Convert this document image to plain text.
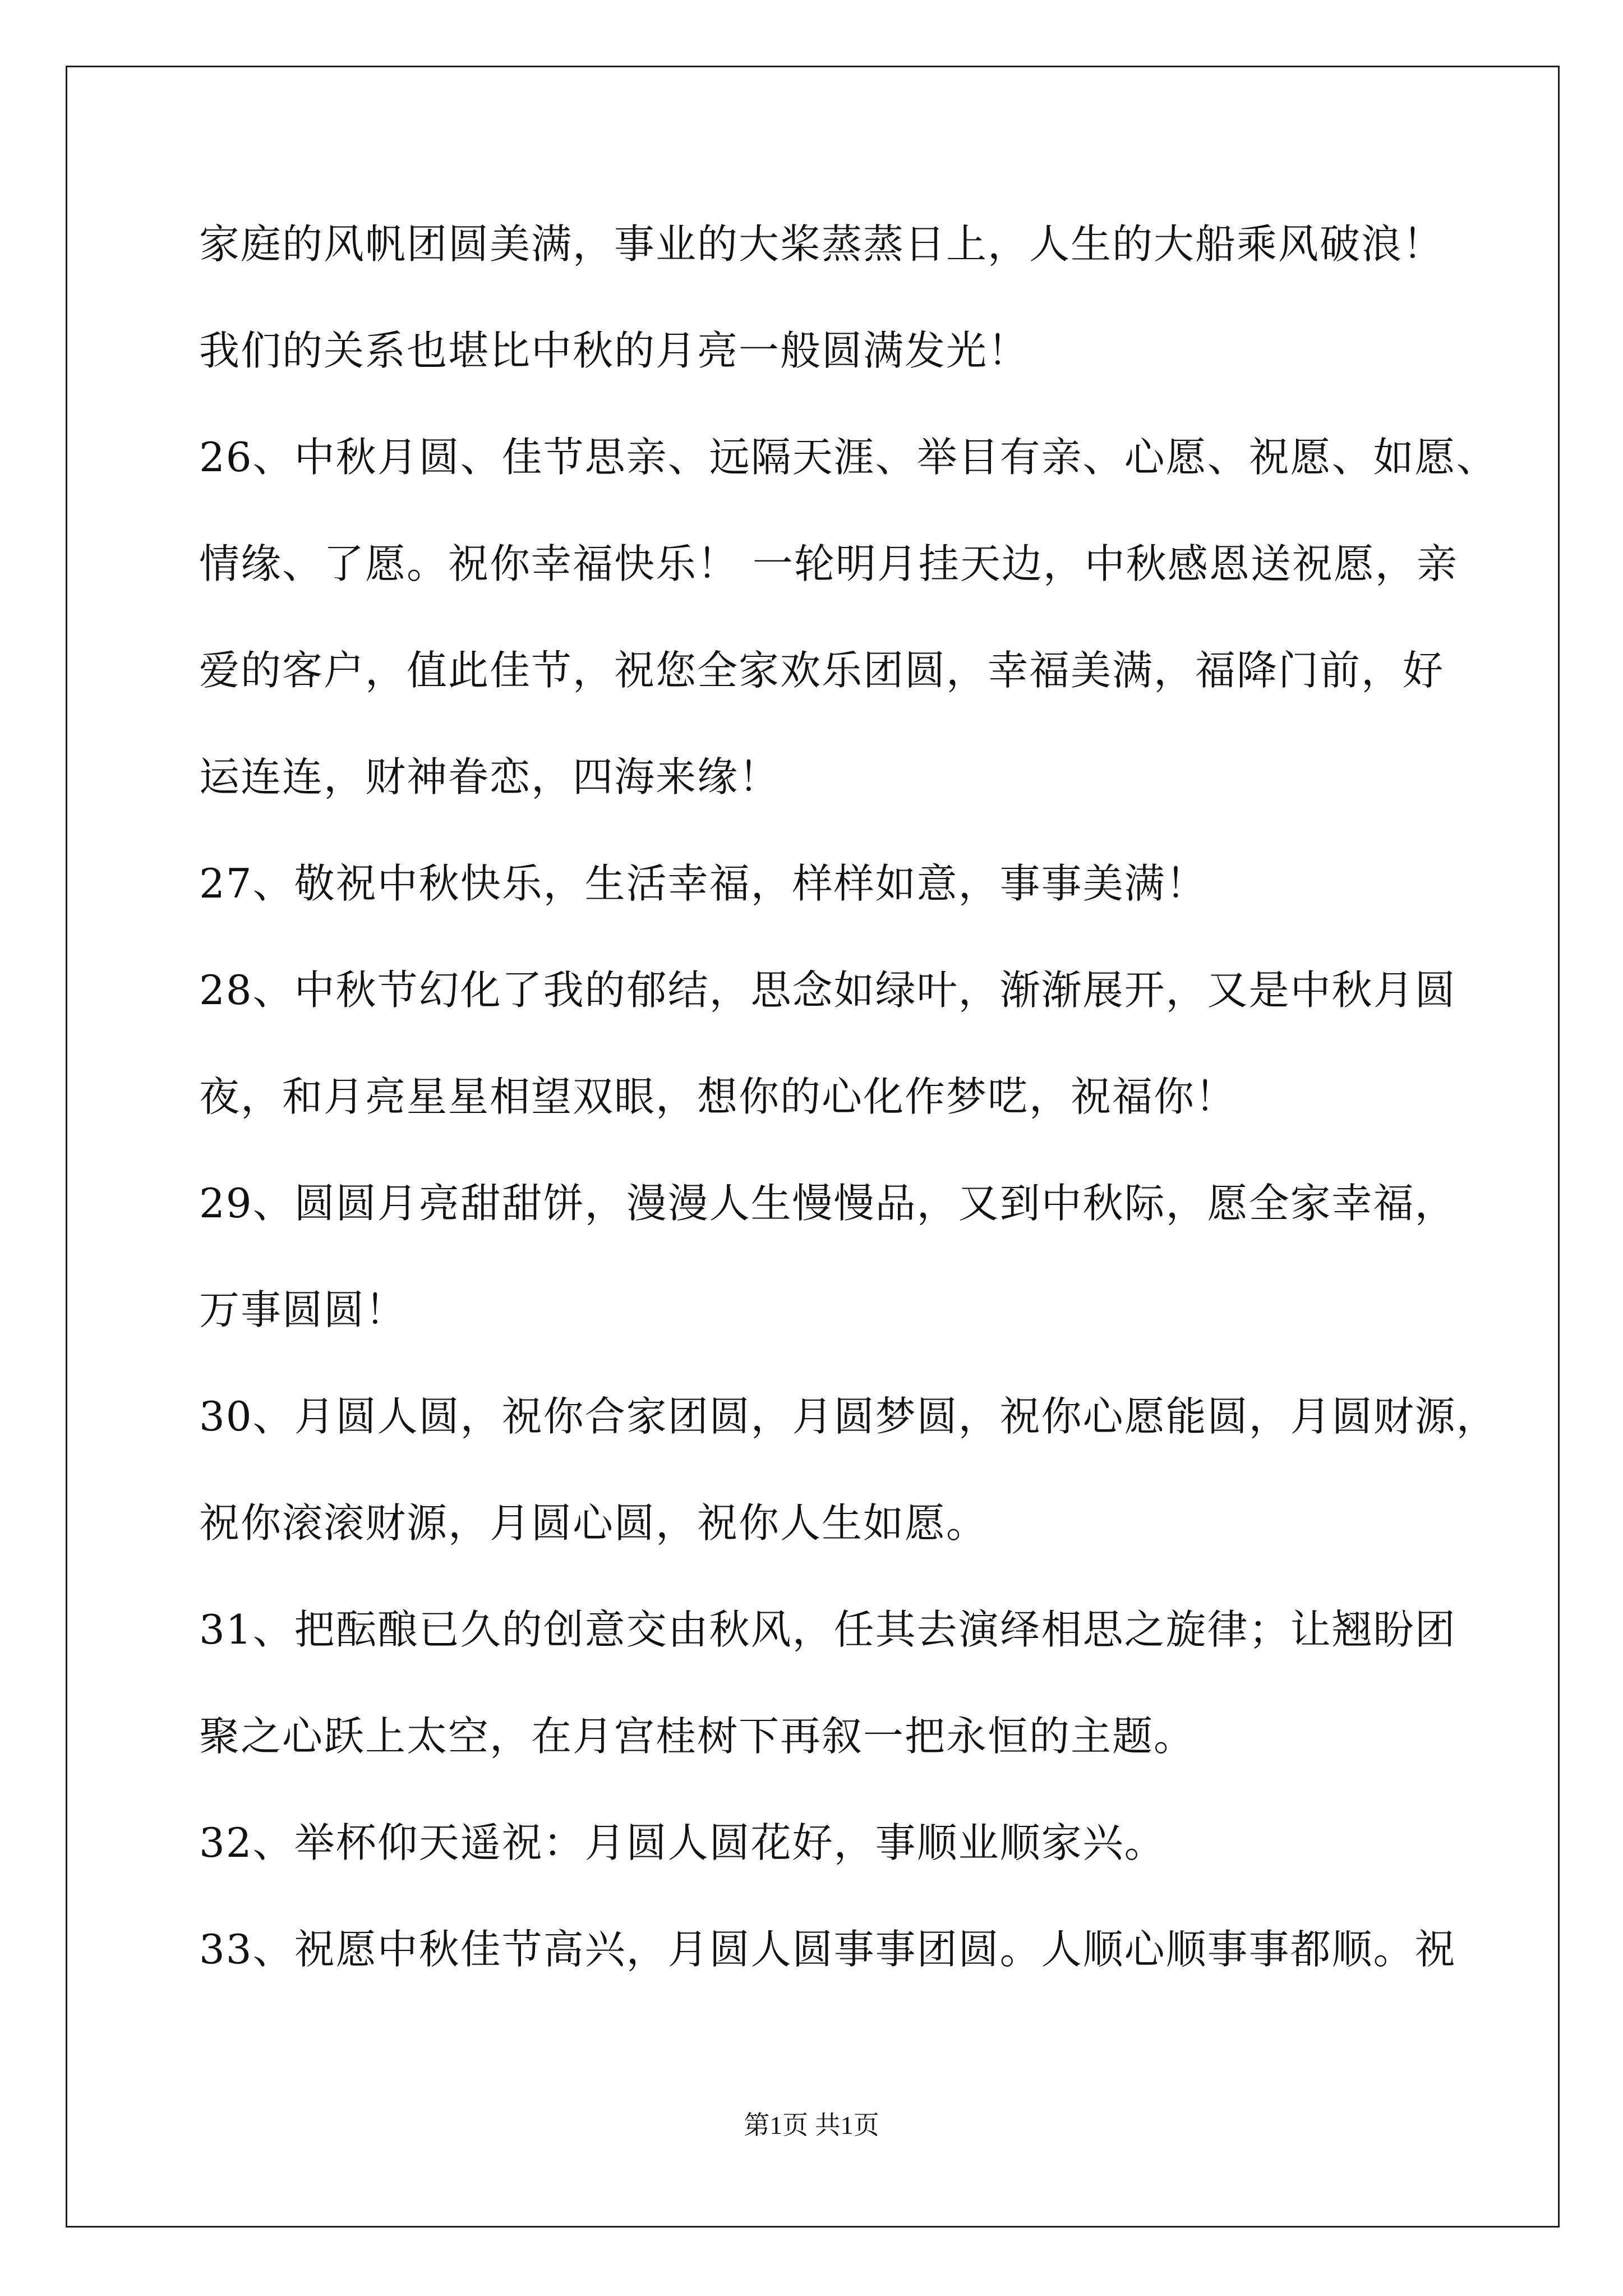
家庭的风帆团圆美满，事业的大桨蒸蒸日上，人生的大船乘风破浪！
我们的关系也堪比中秋的月亮一般圆满发光！
26、中秋月圆、佳节思亲、远隔天涯、举目有亲、心愿、祝愿、如愿、
情缘、了愿。祝你幸福快乐！ 一轮明月挂天边，中秋感恩送祝愿，亲
爱的客户，值此佳节，祝您全家欢乐团圆，幸福美满，福降门前，好
运连连，财神眷恋，四海来缘！
27、敬祝中秋快乐，生活幸福，样样如意，事事美满！
28、中秋节幻化了我的郁结，思念如绿叶，渐渐展开，又是中秋月圆
夜，和月亮星星相望双眼，想你的心化作梦呓，祝福你！
29、圆圆月亮甜甜饼，漫漫人生慢慢品，又到中秋际，愿全家幸福，
万事圆圆！
30、月圆人圆，祝你合家团圆，月圆梦圆，祝你心愿能圆，月圆财源，
祝你滚滚财源，月圆心圆，祝你人生如愿。
31、把酝酿已久的创意交由秋风，任其去演绎相思之旋律；让翘盼团
聚之心跃上太空，在月宫桂树下再叙一把永恒的主题。
32、举杯仰天遥祝：月圆人圆花好，事顺业顺家兴。
33、祝愿中秋佳节高兴，月圆人圆事事团圆。人顺心顺事事都顺。祝
第1页 共1页
